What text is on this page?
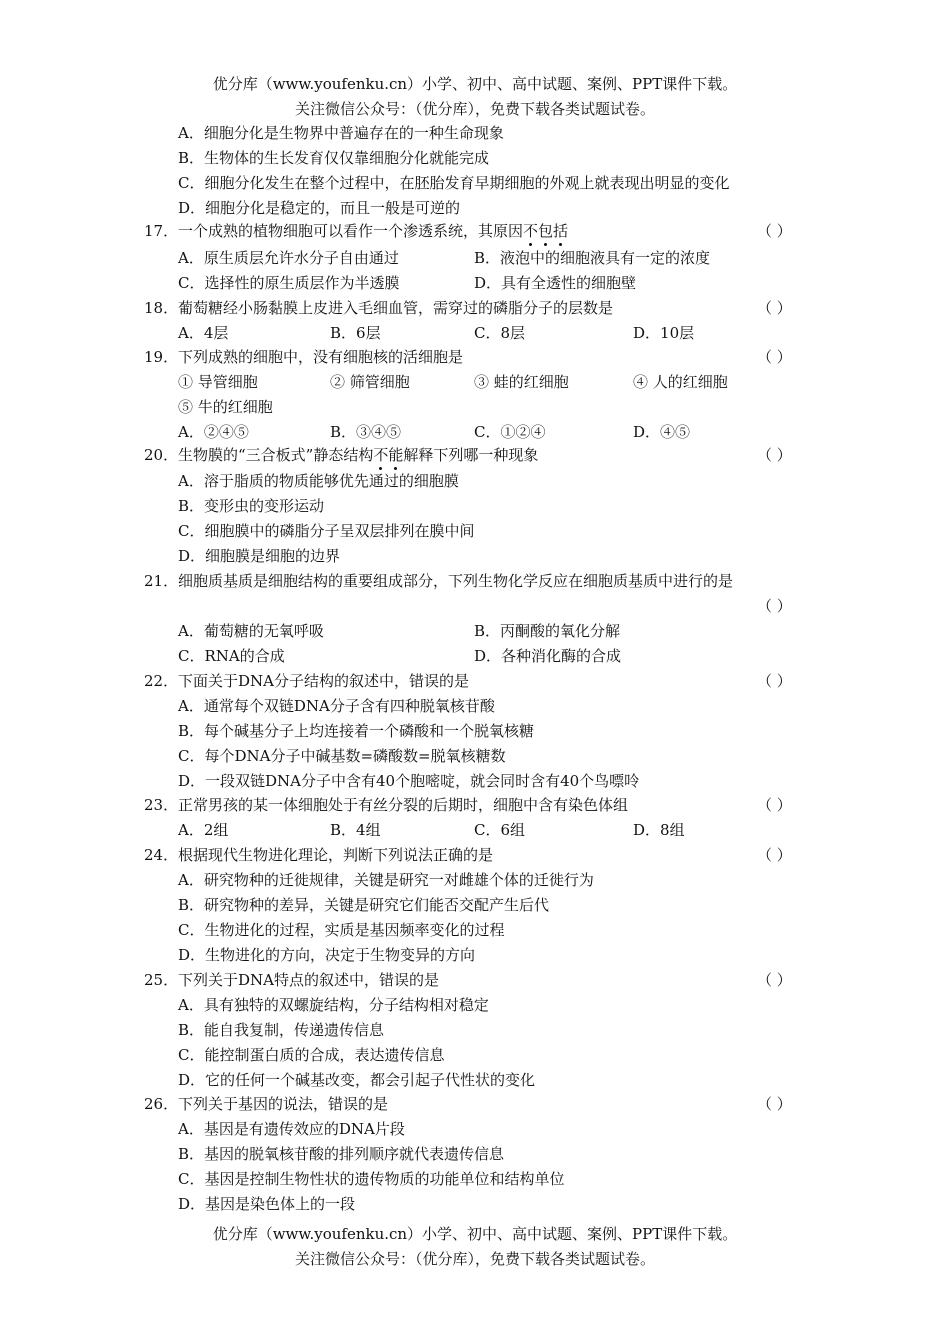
优分库（www.youfenku.cn）小学、初中、高中试题、案例、PPT课件下载。
关注微信公众号：（优分库），免费下载各类试题试卷。
A．细胞分化是生物界中普遍存在的一种生命现象
B．生物体的生长发育仅仅靠细胞分化就能完成
C．细胞分化发生在整个过程中，在胚胎发育早期细胞的外观上就表现出明显的变化
D．细胞分化是稳定的，而且一般是可逆的
17． 一个成熟的植物细胞可以看作一个渗透系统，其原因不包括	（ ）
A．原生质层允许水分子自由通过	B．液泡中的细胞液具有一定的浓度
C．选择性的原生质层作为半透膜	D．具有全透性的细胞壁
18． 葡萄糖经小肠黏膜上皮进入毛细血管，需穿过的磷脂分子的层数是	（ ）
A．4层	B．6层	C．8层	D．10层
19． 下列成熟的细胞中，没有细胞核的活细胞是	（ ）
① 导管细胞	② 筛管细胞	③ 蛙的红细胞	④ 人的红细胞
⑤ 牛的红细胞
A．②④⑤	B．③④⑤	C．①②④	D．④⑤
20． 生物膜的“三合板式”静态结构不能解释下列哪一种现象	（ ）
A．溶于脂质的物质能够优先通过的细胞膜
B．变形虫的变形运动
C．细胞膜中的磷脂分子呈双层排列在膜中间
D．细胞膜是细胞的边界
21． 细胞质基质是细胞结构的重要组成部分，下列生物化学反应在细胞质基质中进行的是
（ ）
A．葡萄糖的无氧呼吸	B．丙酮酸的氧化分解
C．RNA的合成	D．各种消化酶的合成
22． 下面关于DNA分子结构的叙述中，错误的是	（ ）
A．通常每个双链DNA分子含有四种脱氧核苷酸
B．每个碱基分子上均连接着一个磷酸和一个脱氧核糖
C．每个DNA分子中碱基数=磷酸数=脱氧核糖数
D．一段双链DNA分子中含有40个胞嘧啶，就会同时含有40个鸟嘌呤
23． 正常男孩的某一体细胞处于有丝分裂的后期时，细胞中含有染色体组	（ ）
A．2组	B．4组	C．6组	D．8组
24． 根据现代生物进化理论，判断下列说法正确的是	（ ）
A．研究物种的迁徙规律，关键是研究一对雌雄个体的迁徙行为
B．研究物种的差异，关键是研究它们能否交配产生后代
C．生物进化的过程，实质是基因频率变化的过程
D．生物进化的方向，决定于生物变异的方向
25． 下列关于DNA特点的叙述中，错误的是	（ ）
A．具有独特的双螺旋结构，分子结构相对稳定
B．能自我复制，传递遗传信息
C．能控制蛋白质的合成，表达遗传信息
D．它的任何一个碱基改变，都会引起子代性状的变化
26． 下列关于基因的说法，错误的是	（ ）
A．基因是有遗传效应的DNA片段
B．基因的脱氧核苷酸的排列顺序就代表遗传信息
C．基因是控制生物性状的遗传物质的功能单位和结构单位
D．基因是染色体上的一段
优分库（www.youfenku.cn）小学、初中、高中试题、案例、PPT课件下载。
关注微信公众号：（优分库），免费下载各类试题试卷。
